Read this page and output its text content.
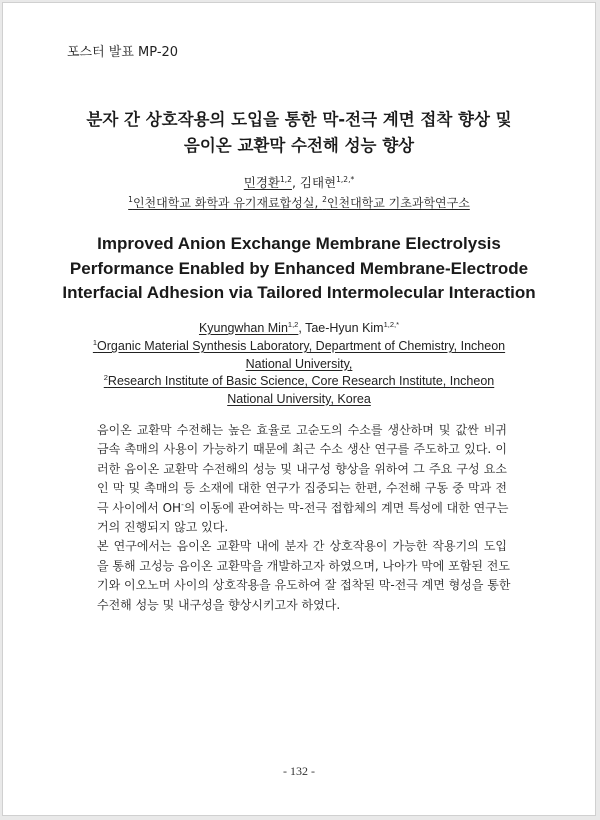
포스터 발표 MP-20
분자 간 상호작용의 도입을 통한 막-전극 계면 접착 향상 및
음이온 교환막 수전해 성능 향상
민경환$^{1,2}$, 김태현$^{1,2,*}$
$^1$인천대학교 화학과 유기재료합성실, $^2$인천대학교 기초과학연구소
Improved Anion Exchange Membrane Electrolysis
Performance Enabled by Enhanced Membrane-Electrode
Interfacial Adhesion via Tailored Intermolecular Interaction
Kyungwhan Min$^{1,2}$, Tae-Hyun Kim$^{1,2,*}$
$^1$Organic Material Synthesis Laboratory, Department of Chemistry, Incheon
National University,
$^2$Research Institute of Basic Science, Core Research Institute, Incheon
National University, Korea
음이온 교환막 수전해는 높은 효율로 고순도의 수소를 생산하며 및 값싼 비귀
금속 촉매의 사용이 가능하기 때문에 최근 수소 생산 연구를 주도하고 있다. 이
러한 음이온 교환막 수전해의 성능 및 내구성 향상을 위하여 그 주요 구성 요소
인 막 및 촉매의 등 소재에 대한 연구가 집중되는 한편, 수전해 구동 중 막과 전
극 사이에서 OH-의 이동에 관여하는 막-전극 접합체의 계면 특성에 대한 연구는
거의 진행되지 않고 있다.
본 연구에서는 음이온 교환막 내에 분자 간 상호작용이 가능한 작용기의 도입
을 통해 고성능 음이온 교환막을 개발하고자 하였으며, 나아가 막에 포함된 전도
기와 이오노머 사이의 상호작용을 유도하여 잘 접착된 막-전극 계면 형성을 통한
수전해 성능 및 내구성을 향상시키고자 하였다.
- 132 -
